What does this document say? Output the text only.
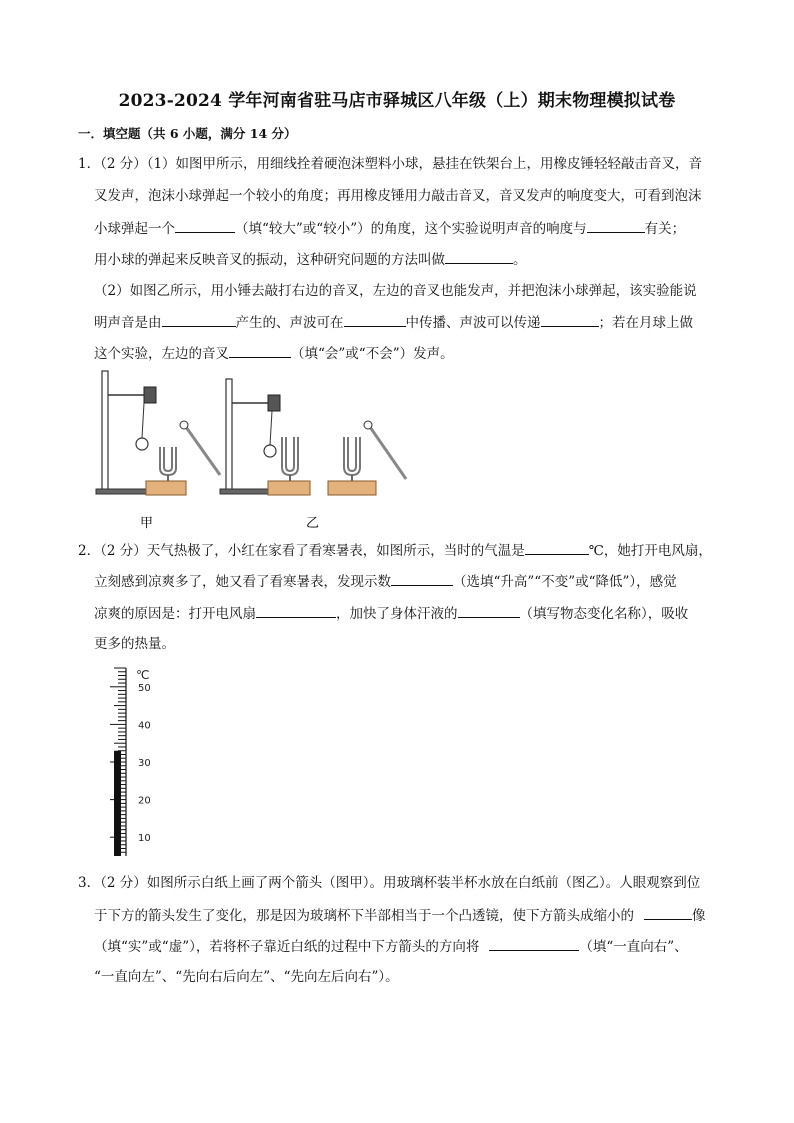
2023-2024 学年河南省驻马店市驿城区八年级（上）期末物理模拟试卷
一．填空题（共 6 小题，满分 14 分）
1．（2 分）（1）如图甲所示，用细线拴着硬泡沫塑料小球，悬挂在铁架台上，用橡皮锤轻轻敲击音叉，音
叉发声，泡沫小球弹起一个较小的角度；再用橡皮锤用力敲击音叉，音叉发声的响度变大，可看到泡沫
小球弹起一个	（填“较大”或“较小”）的角度，这个实验说明声音的响度与	有关；
用小球的弹起来反映音叉的振动，这种研究问题的方法叫做	。
（2）如图乙所示，用小锤去敲打右边的音叉，左边的音叉也能发声，并把泡沫小球弹起，该实验能说
明声音是由	产生的、声波可在	中传播、声波可以传递	；若在月球上做
这个实验，左边的音叉	（填“会”或“不会”）发声。
甲	乙
2．（2 分）天气热极了，小红在家看了看寒暑表，如图所示，当时的气温是	℃，她打开电风扇，
立刻感到凉爽多了，她又看了看寒暑表，发现示数	（选填“升高”“不变”或“降低”），感觉
凉爽的原因是：打开电风扇	，加快了身体汗液的	（填写物态变化名称），吸收
更多的热量。
50
40
30
20
10
℃
3．（2 分）如图所示白纸上画了两个箭头（图甲）。用玻璃杯装半杯水放在白纸前（图乙）。人眼观察到位
于下方的箭头发生了变化，那是因为玻璃杯下半部相当于一个凸透镜，使下方箭头成缩小的	像
（填“实”或“虚”），若将杯子靠近白纸的过程中下方箭头的方向将	（填“一直向右”、
“一直向左”、“先向右后向左”、“先向左后向右”）。
